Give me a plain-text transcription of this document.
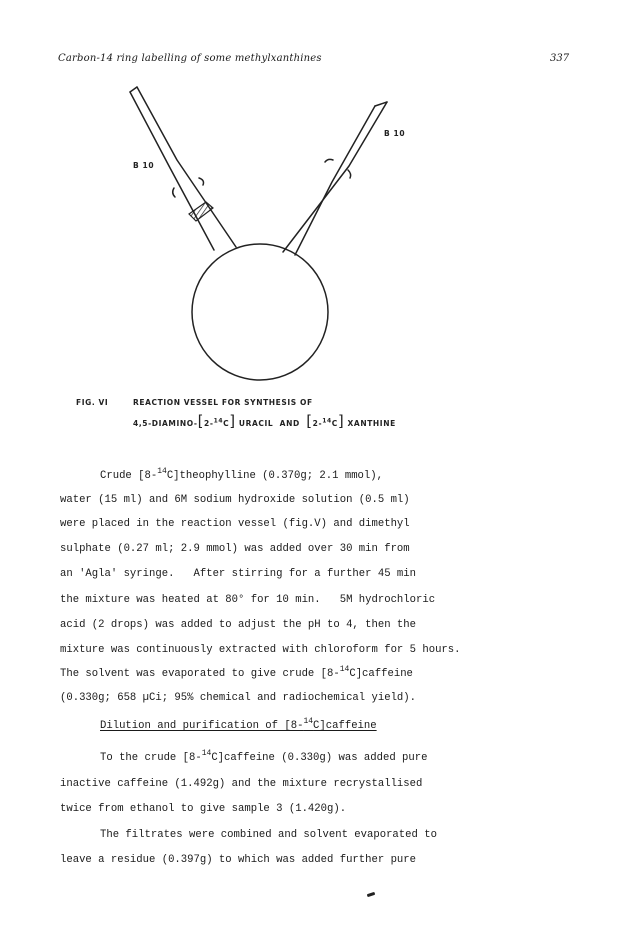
Carbon-14 ring labelling of some methylxanthines	337
B 10
B 10
FIG. VI	REACTION VESSEL FOR SYNTHESIS OF
4,5-DIAMINO-[2-$^{14}$C] URACIL  AND  [2-$^{14}$C] XANTHINE
Crude [8-$^{14}$C]theophylline (0.370g; 2.1 mmol),
water (15 ml) and 6M sodium hydroxide solution (0.5 ml)
were placed in the reaction vessel (fig.V) and dimethyl
sulphate (0.27 ml; 2.9 mmol) was added over 30 min from
an 'Agla' syringe.   After stirring for a further 45 min
the mixture was heated at 80° for 10 min.   5M hydrochloric
acid (2 drops) was added to adjust the pH to 4, then the
mixture was continuously extracted with chloroform for 5 hours.
The solvent was evaporated to give crude [8-$^{14}$C]caffeine
(0.330g; 658 µCi; 95% chemical and radiochemical yield).
Dilution and purification of [8-$^{14}$C]caffeine
To the crude [8-$^{14}$C]caffeine (0.330g) was added pure
inactive caffeine (1.492g) and the mixture recrystallised
twice from ethanol to give sample 3 (1.420g).
The filtrates were combined and solvent evaporated to
leave a residue (0.397g) to which was added further pure
